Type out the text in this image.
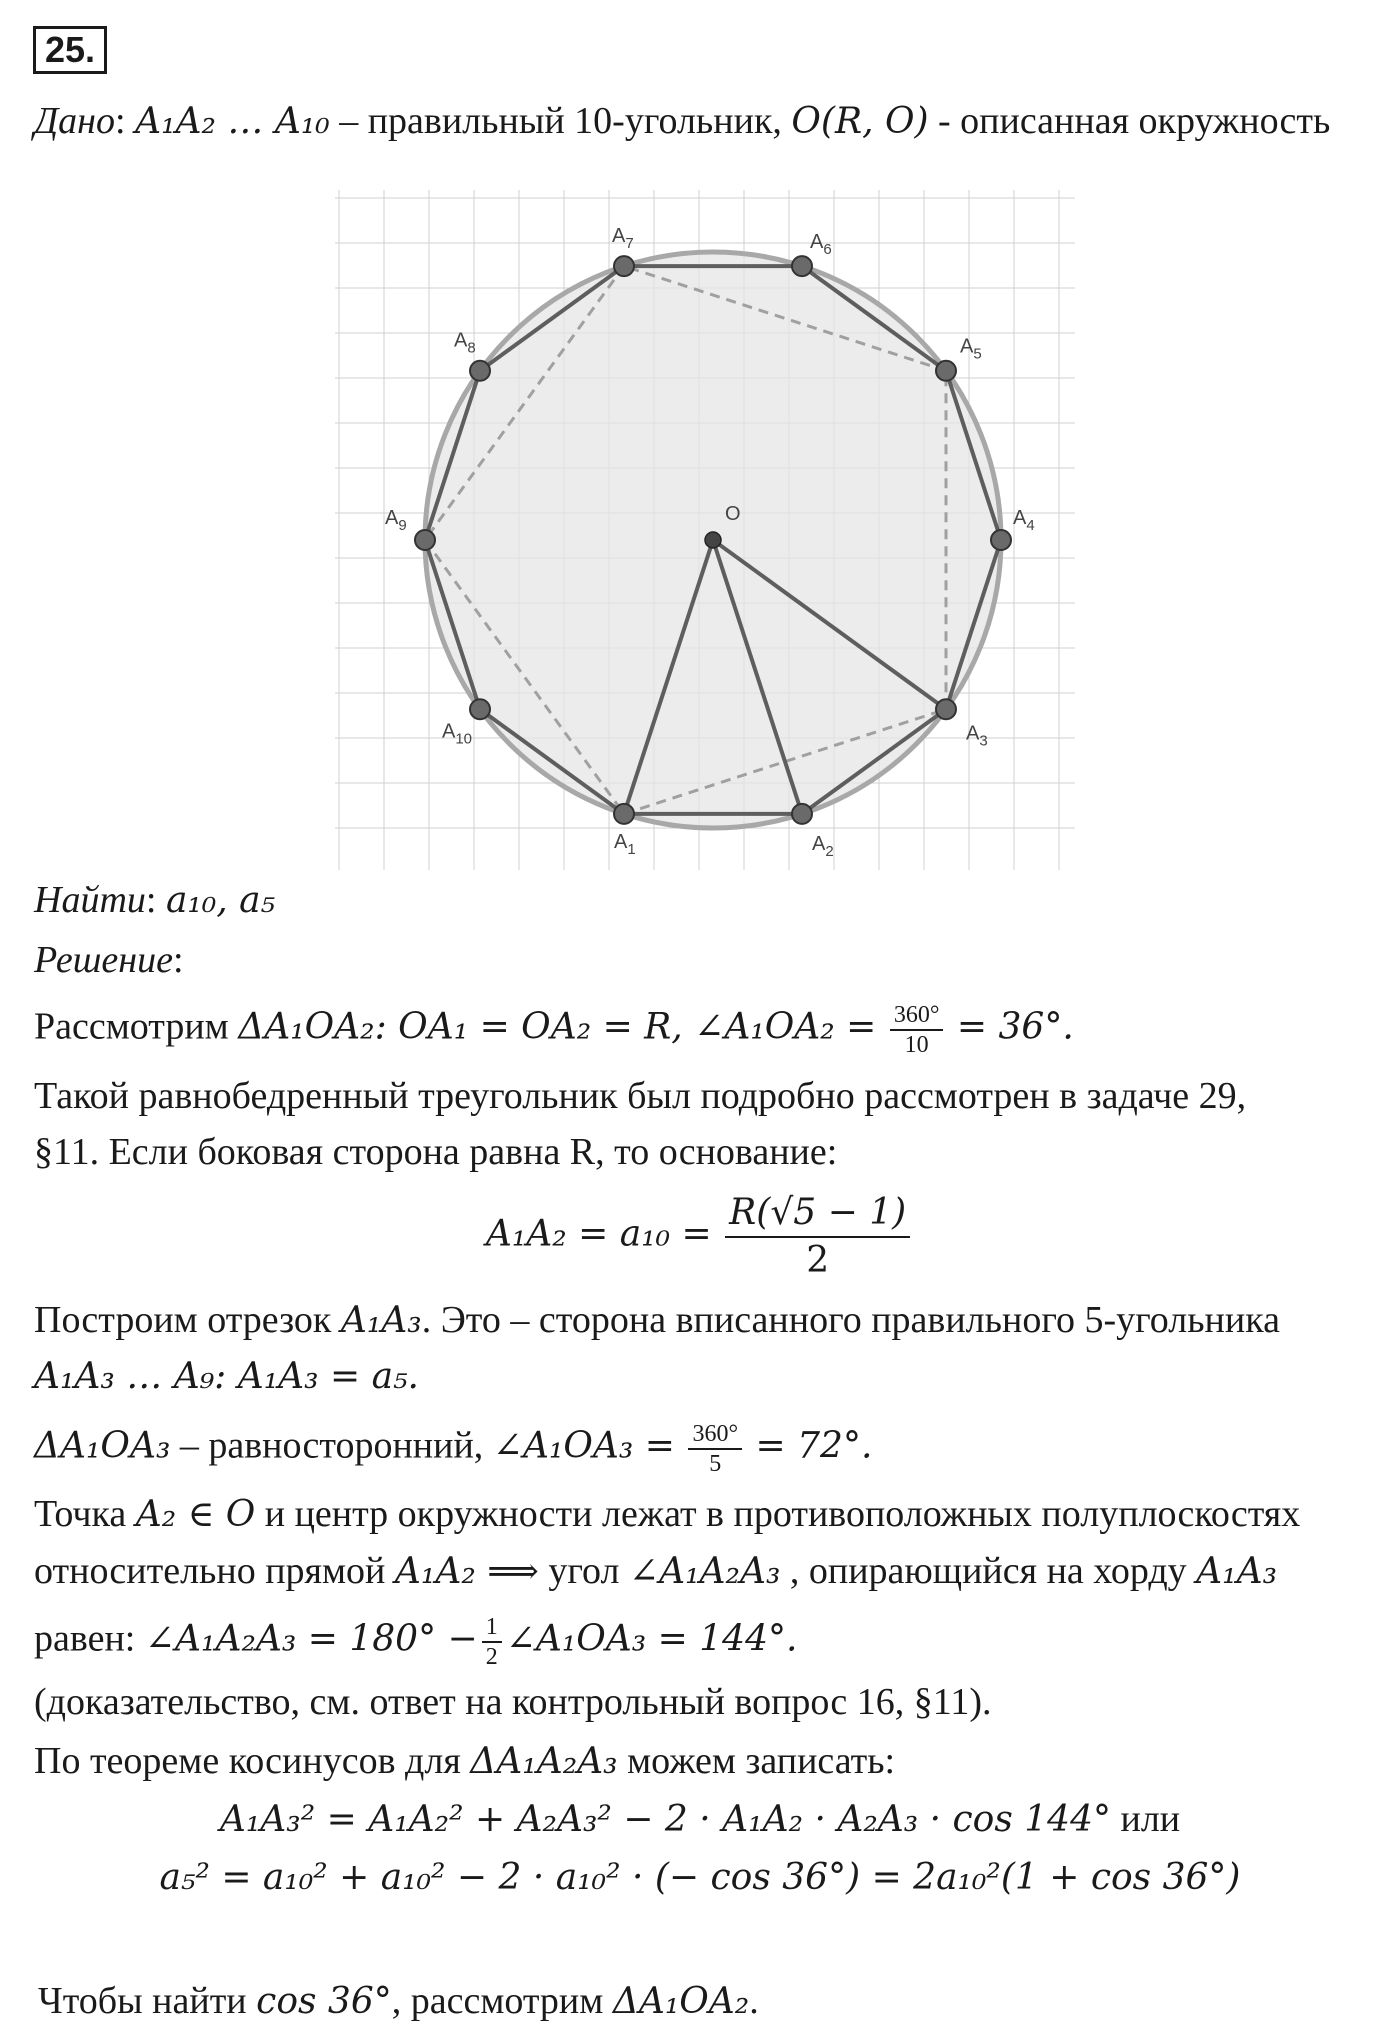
25.
Дано: A₁A₂ … A₁₀ – правильный 10-угольник, O(R, O) - описанная окружность
$A_1$	$A_2$
$A_3$
$A_4$
$A_5$
$A_6$
$A_7$
$A_8$
$A_9$
$A_{10}$
O
Найти: a₁₀, a₅
Решение:
Рассмотрим ΔA₁OA₂: OA₁ = OA₂ = R, ∠A₁OA₂ = $\frac{360^\circ}{10} = 36^\circ$.
Такой равнобедренный треугольник был подробно рассмотрен в задаче 29,
§11. Если боковая сторона равна R, то основание:
$A_1A_2 = a_{10} = \frac{R(√5 - 1)}{2}$
Построим отрезок A₁A₃. Это – сторона вписанного правильного 5-угольника
A₁A₃ … A₉: A₁A₃ = a₅.
ΔA₁OA₃ – равносторонний, ∠A₁OA₃ = $\frac{360^\circ}{5} = 72^\circ$.
Точка A₂ ∈ O и центр окружности лежат в противоположных полуплоскостях
относительно прямой A₁A₂ ⟹ угол ∠A₁A₂A₃ , опирающийся на хорду A₁A₃
равен: ∠A₁A₂A₃ = $180^\circ - \frac{1}{2}$ ∠A₁OA₃ = 144°.
(доказательство, см. ответ на контрольный вопрос 16, §11).
По теореме косинусов для ΔA₁A₂A₃ можем записать:
A₁A₃² = A₁A₂² + A₂A₃² − 2 · A₁A₂ · A₂A₃ · cos 144° или
a₅² = a₁₀² + a₁₀² − 2 · a₁₀² · (− cos 36°) = 2a₁₀²(1 + cos 36°)
Чтобы найти cos 36°, рассмотрим ΔA₁OA₂.
